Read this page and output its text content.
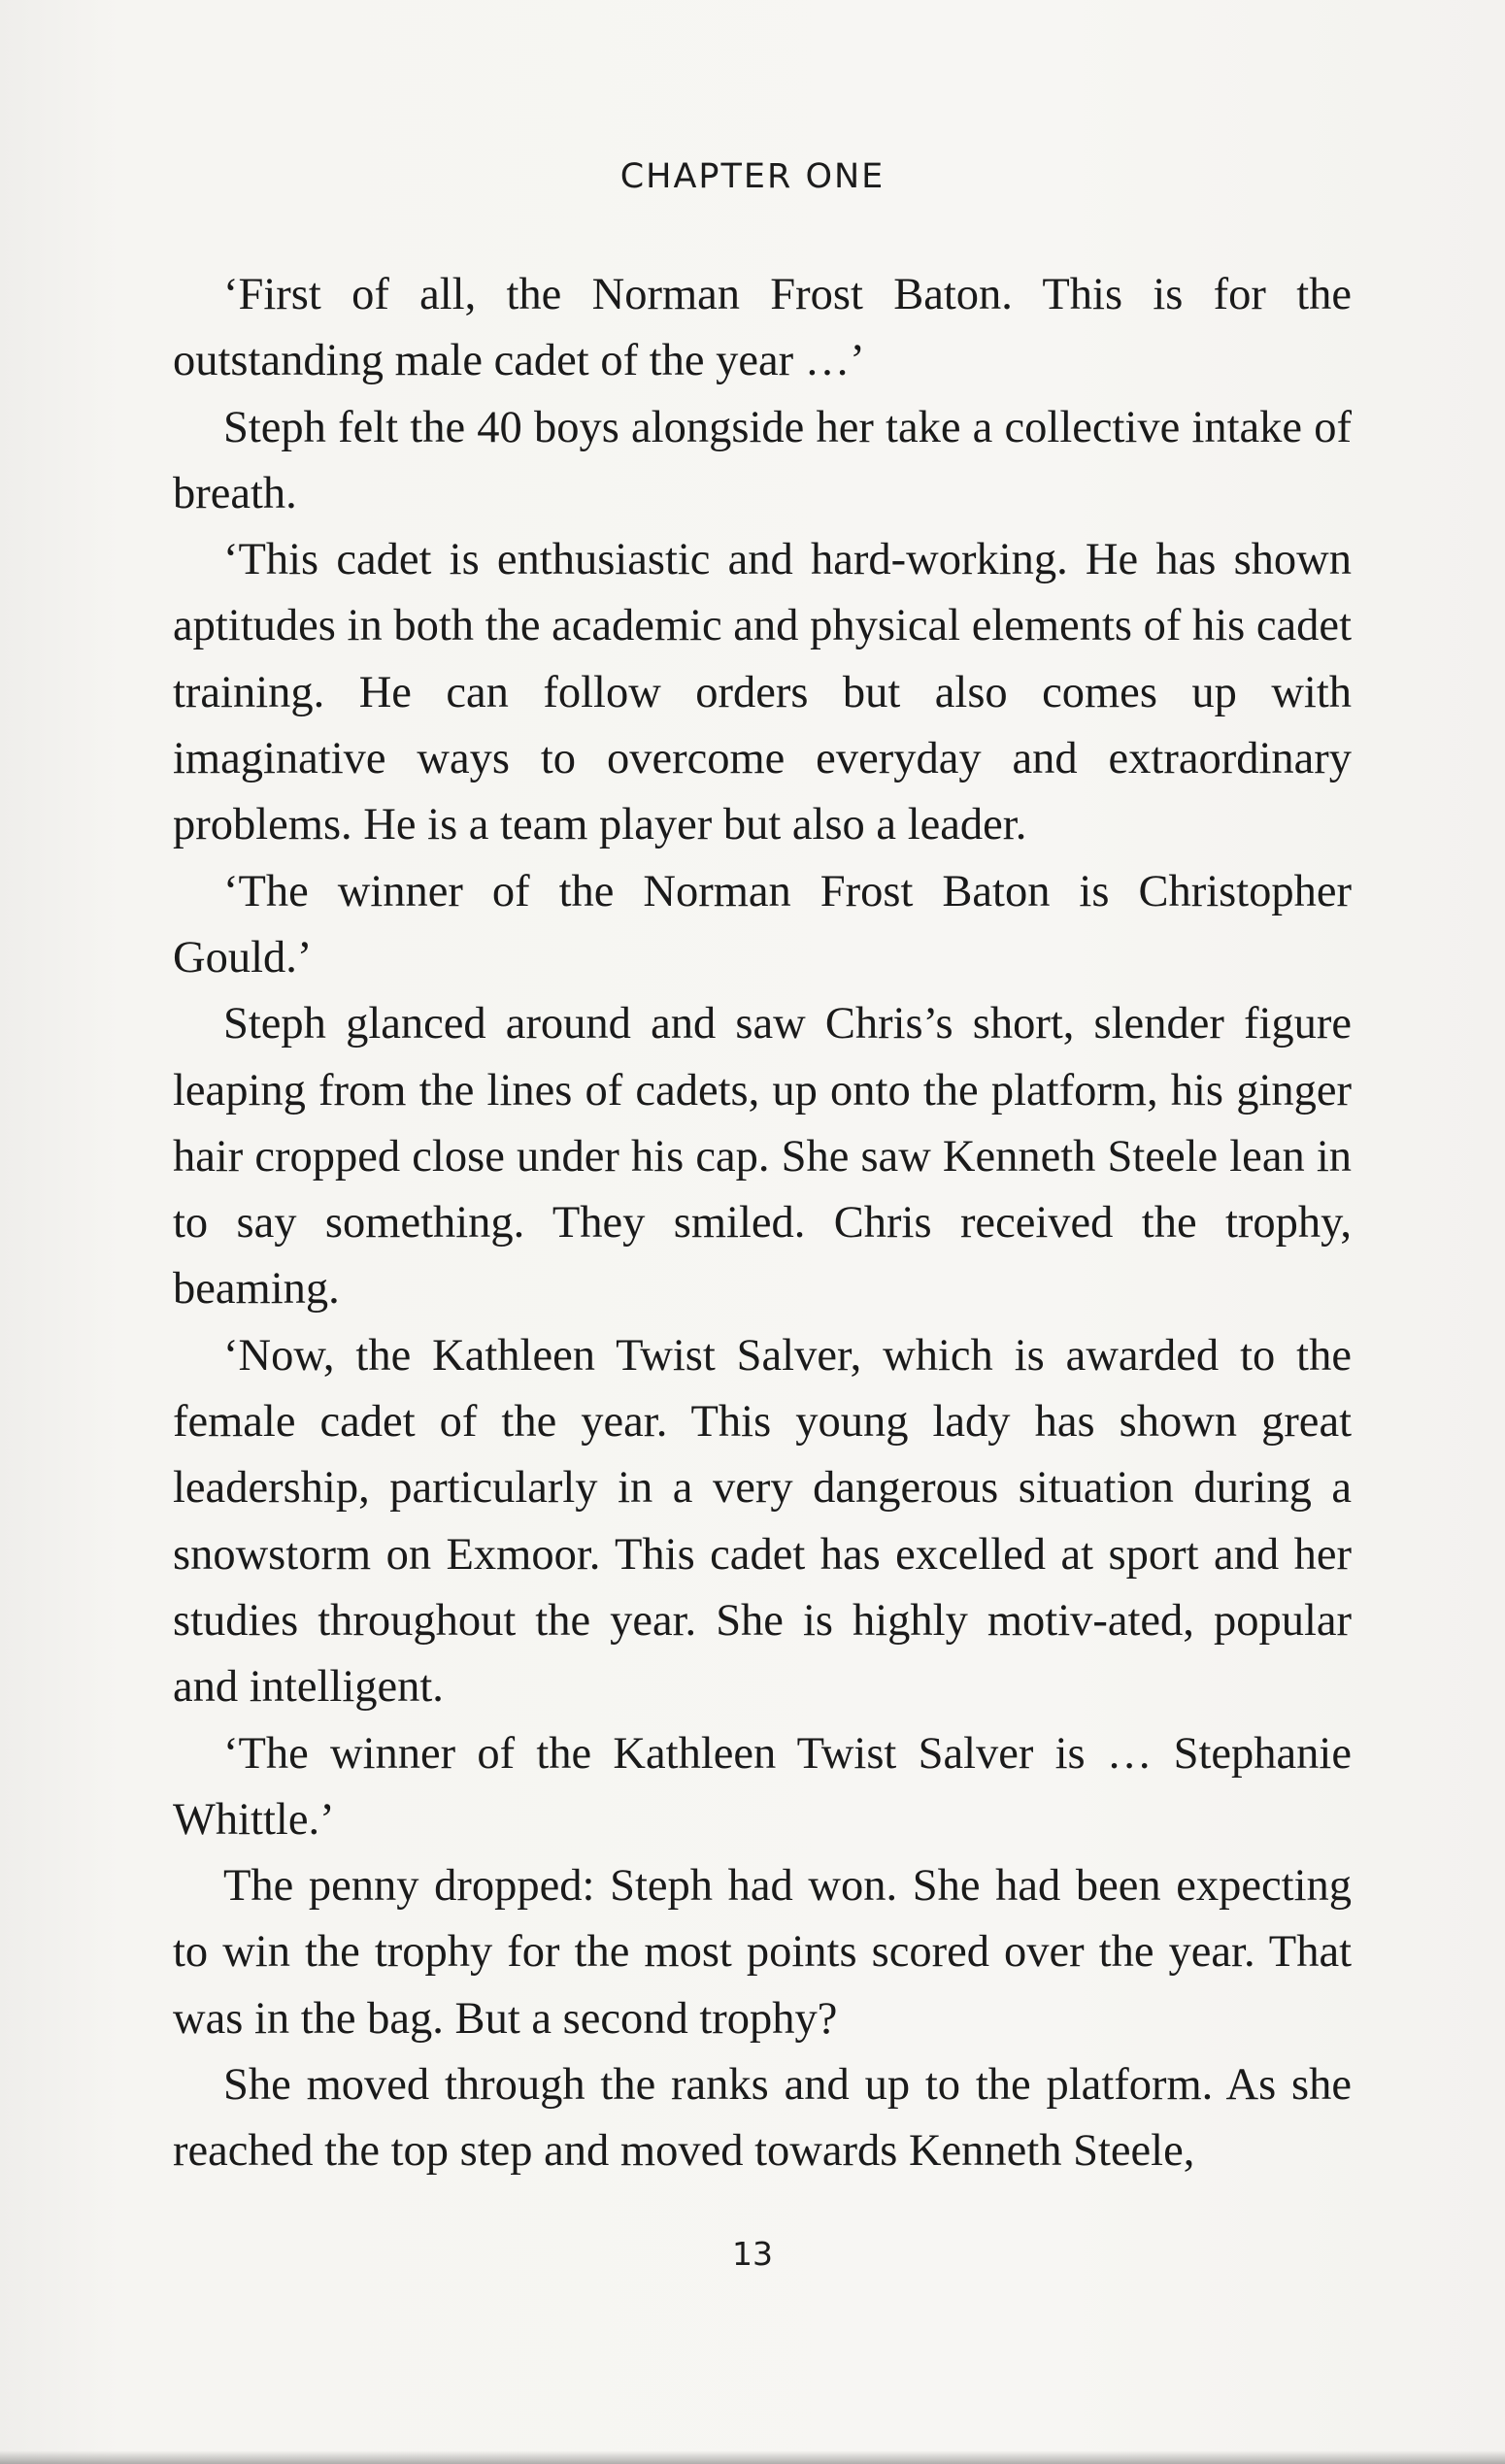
CHAPTER ONE

‘First of all, the Norman Frost Baton. This is for the outstanding male cadet of the year …’

Steph felt the 40 boys alongside her take a collective intake of breath.

‘This cadet is enthusiastic and hard-working. He has shown aptitudes in both the academic and physical elements of his cadet training. He can follow orders but also comes up with imaginative ways to overcome everyday and extraordinary problems. He is a team player but also a leader.

‘The winner of the Norman Frost Baton is Christopher Gould.’

Steph glanced around and saw Chris’s short, slender figure leaping from the lines of cadets, up onto the platform, his ginger hair cropped close under his cap. She saw Kenneth Steele lean in to say something. They smiled. Chris received the trophy, beaming.

‘Now, the Kathleen Twist Salver, which is awarded to the female cadet of the year. This young lady has shown great leadership, particularly in a very dangerous situation during a snowstorm on Exmoor. This cadet has excelled at sport and her studies throughout the year. She is highly motiv-ated, popular and intelligent.

‘The winner of the Kathleen Twist Salver is … Stephanie Whittle.’

The penny dropped: Steph had won. She had been expecting to win the trophy for the most points scored over the year. That was in the bag. But a second trophy?

She moved through the ranks and up to the platform. As she reached the top step and moved towards Kenneth Steele,

13
